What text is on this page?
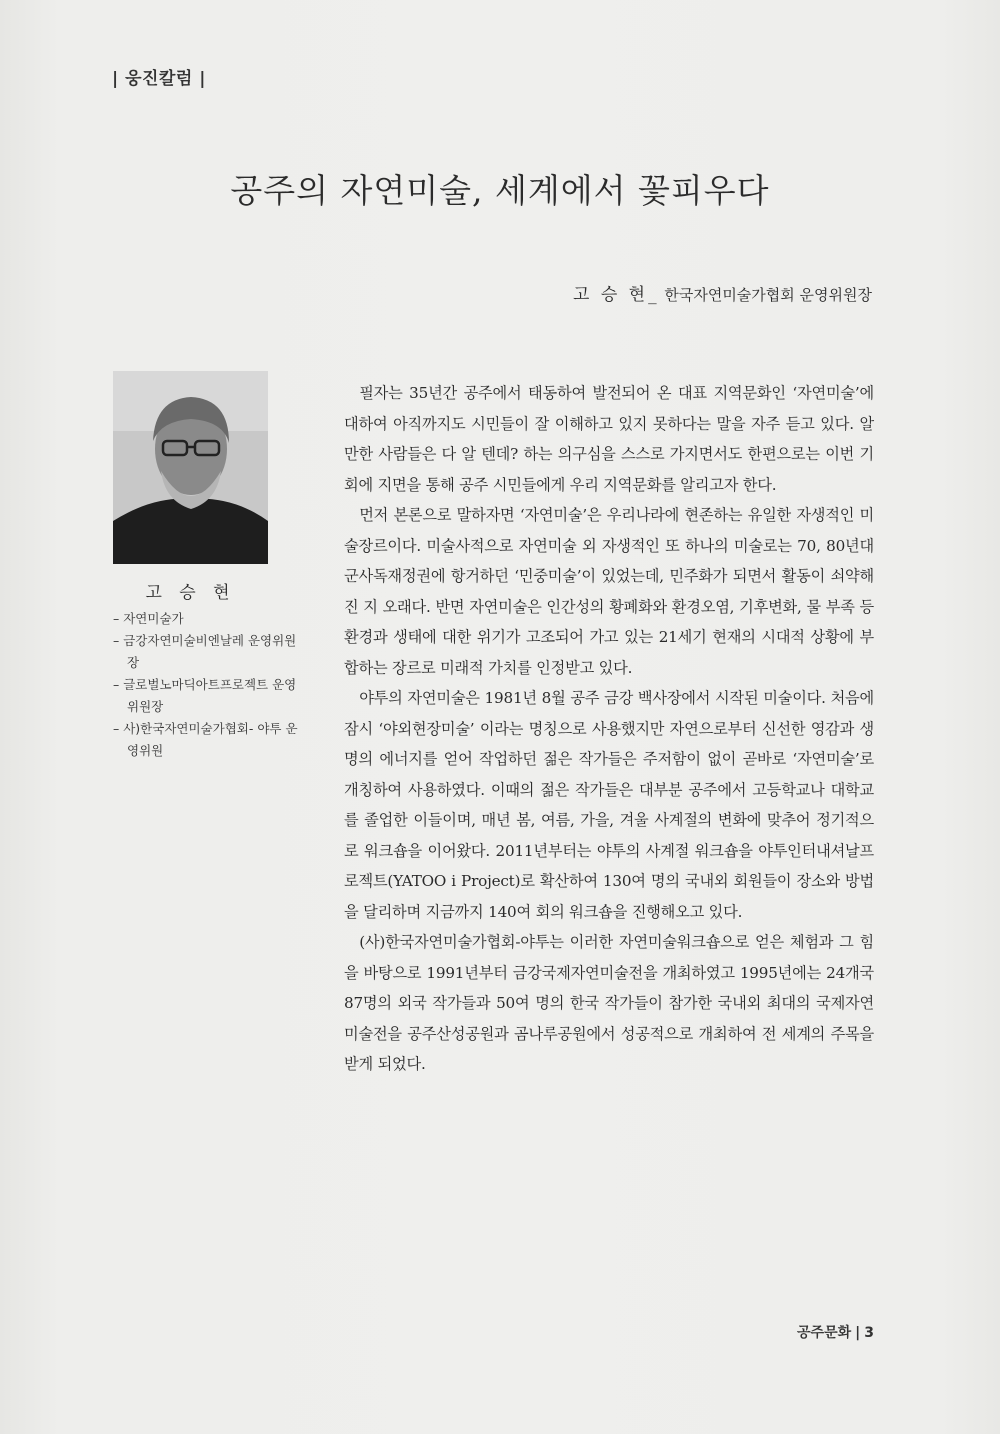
| 웅진칼럼 |
공주의 자연미술, 세계에서 꽃피우다
고 승 현_ 한국자연미술가협회 운영위원장
고 승 현
– 자연미술가
– 금강자연미술비엔날레 운영위원장
– 글로벌노마딕아트프로젝트 운영위원장
– 사)한국자연미술가협회- 야투 운영위원

필자는 35년간 공주에서 태동하여 발전되어 온 대표 지역문화인 ‘자연미술’에 대하여 아직까지도 시민들이 잘 이해하고 있지 못하다는 말을 자주 듣고 있다. 알 만한 사람들은 다 알 텐데? 하는 의구심을 스스로 가지면서도 한편으로는 이번 기회에 지면을 통해 공주 시민들에게 우리 지역문화를 알리고자 한다.

먼저 본론으로 말하자면 ‘자연미술’은 우리나라에 현존하는 유일한 자생적인 미술장르이다. 미술사적으로 자연미술 외 자생적인 또 하나의 미술로는 70, 80년대 군사독재정권에 항거하던 ‘민중미술’이 있었는데, 민주화가 되면서 활동이 쇠약해진 지 오래다. 반면 자연미술은 인간성의 황폐화와 환경오염, 기후변화, 물 부족 등 환경과 생태에 대한 위기가 고조되어 가고 있는 21세기 현재의 시대적 상황에 부합하는 장르로 미래적 가치를 인정받고 있다.

야투의 자연미술은 1981년 8월 공주 금강 백사장에서 시작된 미술이다. 처음에 잠시 ‘야외현장미술’ 이라는 명칭으로 사용했지만 자연으로부터 신선한 영감과 생명의 에너지를 얻어 작업하던 젊은 작가들은 주저함이 없이 곧바로 ‘자연미술’로 개칭하여 사용하였다. 이때의 젊은 작가들은 대부분 공주에서 고등학교나 대학교를 졸업한 이들이며, 매년 봄, 여름, 가을, 겨울 사계절의 변화에 맞추어 정기적으로 워크숍을 이어왔다. 2011년부터는 야투의 사계절 워크숍을 야투인터내셔날프로젝트(YATOO i Project)로 확산하여 130여 명의 국내외 회원들이 장소와 방법을 달리하며 지금까지 140여 회의 워크숍을 진행해오고 있다.

(사)한국자연미술가협회-야투는 이러한 자연미술워크숍으로 얻은 체험과 그 힘을 바탕으로 1991년부터 금강국제자연미술전을 개최하였고 1995년에는 24개국 87명의 외국 작가들과 50여 명의 한국 작가들이 참가한 국내외 최대의 국제자연미술전을 공주산성공원과 곰나루공원에서 성공적으로 개최하여 전 세계의 주목을 받게 되었다.

공주문화 | 3
